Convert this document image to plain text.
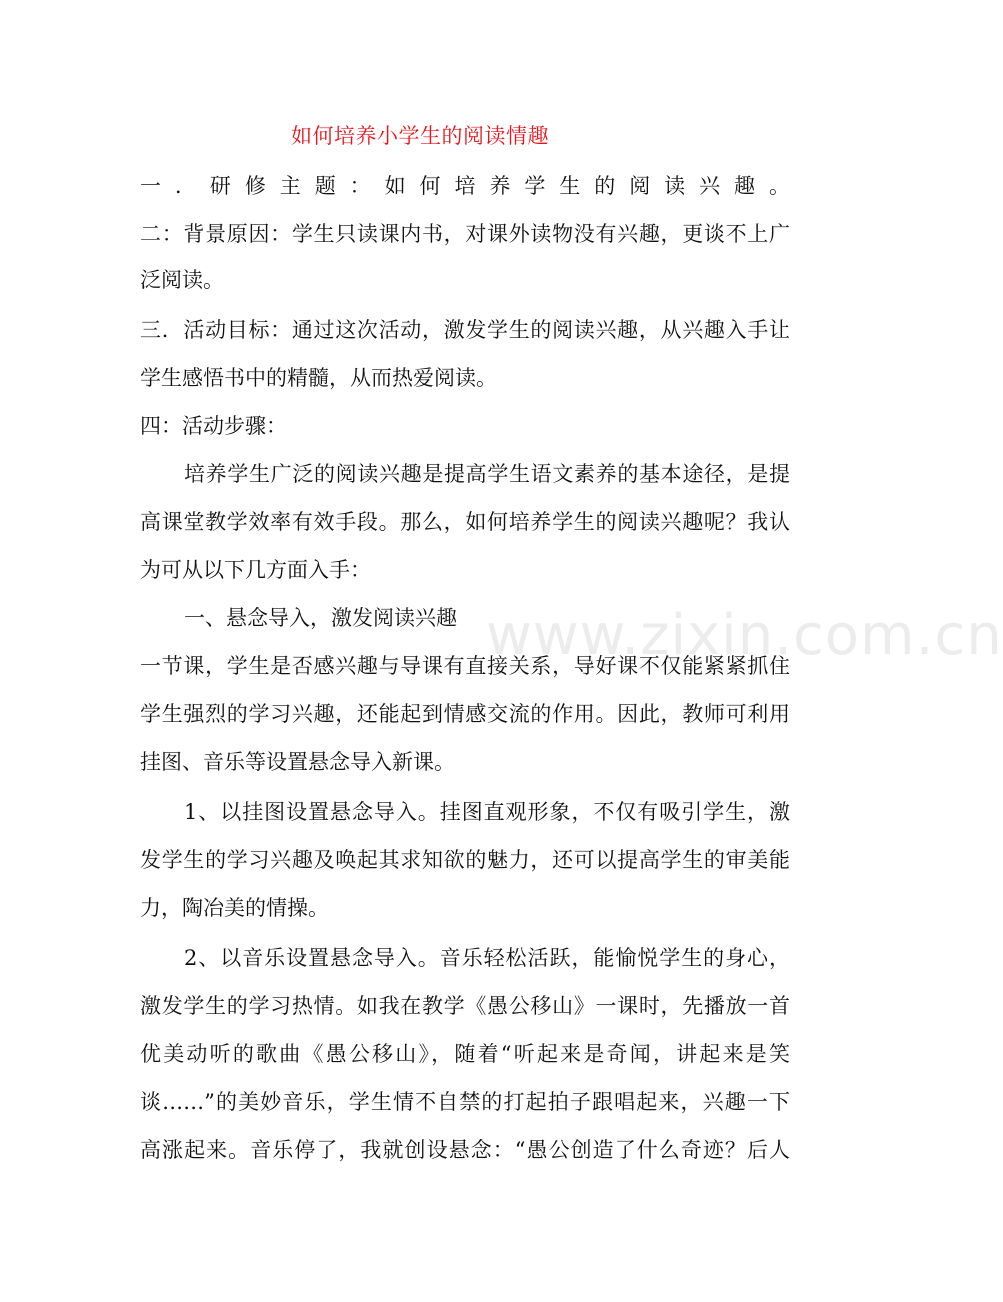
如何培养小学生的阅读情趣
一．研修主题：如何培养学生的阅读兴趣。
二：背景原因：学生只读课内书，对课外读物没有兴趣，更谈不上广
泛阅读。
三．活动目标：通过这次活动，激发学生的阅读兴趣，从兴趣入手让
学生感悟书中的精髓，从而热爱阅读。
四：活动步骤：
培养学生广泛的阅读兴趣是提高学生语文素养的基本途径，是提
高课堂教学效率有效手段。那么，如何培养学生的阅读兴趣呢？我认
为可从以下几方面入手：
一、悬念导入，激发阅读兴趣
一节课，学生是否感兴趣与导课有直接关系，导好课不仅能紧紧抓住
学生强烈的学习兴趣，还能起到情感交流的作用。因此，教师可利用
挂图、音乐等设置悬念导入新课。
1、以挂图设置悬念导入。挂图直观形象，不仅有吸引学生，激
发学生的学习兴趣及唤起其求知欲的魅力，还可以提高学生的审美能
力，陶冶美的情操。
2、以音乐设置悬念导入。音乐轻松活跃，能愉悦学生的身心，
激发学生的学习热情。如我在教学《愚公移山》一课时，先播放一首
优美动听的歌曲《愚公移山》，随着“听起来是奇闻，讲起来是笑
谈……”的美妙音乐，学生情不自禁的打起拍子跟唱起来，兴趣一下
高涨起来。音乐停了，我就创设悬念：“愚公创造了什么奇迹？后人
www.zixin.com.cn
